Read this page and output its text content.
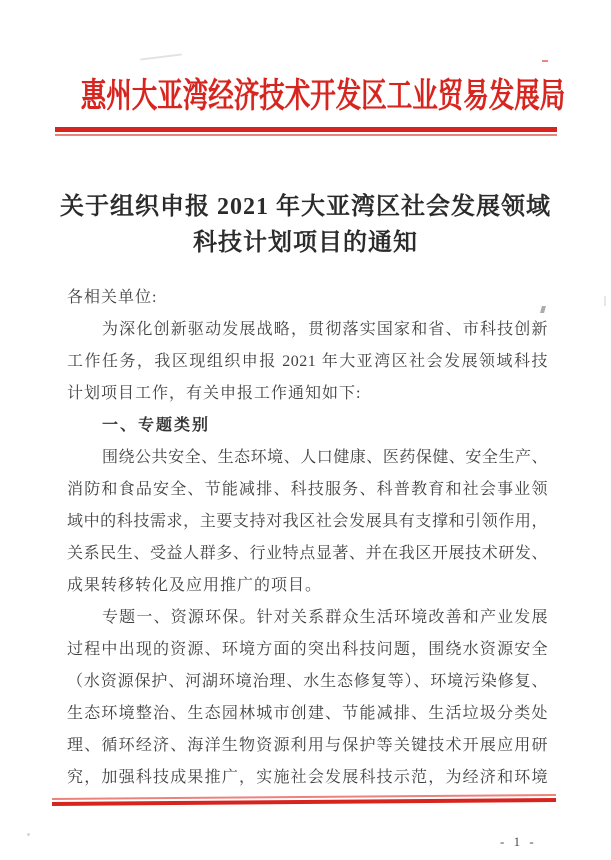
惠州大亚湾经济技术开发区工业贸易发展局
关于组织申报 2021 年大亚湾区社会发展领域
科技计划项目的通知
各相关单位:
为深化创新驱动发展战略，贯彻落实国家和省、市科技创新
工作任务，我区现组织申报 2021 年大亚湾区社会发展领域科技
计划项目工作，有关申报工作通知如下:
一、专题类别
围绕公共安全、生态环境、人口健康、医药保健、安全生产、
消防和食品安全、节能减排、科技服务、科普教育和社会事业领
域中的科技需求，主要支持对我区社会发展具有支撑和引领作用，
关系民生、受益人群多、行业特点显著、并在我区开展技术研发、
成果转移转化及应用推广的项目。
专题一、资源环保。针对关系群众生活环境改善和产业发展
过程中出现的资源、环境方面的突出科技问题，围绕水资源安全
（水资源保护、河湖环境治理、水生态修复等）、环境污染修复、
生态环境整治、生态园林城市创建、节能减排、生活垃圾分类处
理、循环经济、海洋生物资源利用与保护等关键技术开展应用研
究，加强科技成果推广，实施社会发展科技示范，为经济和环境
- 1 -
